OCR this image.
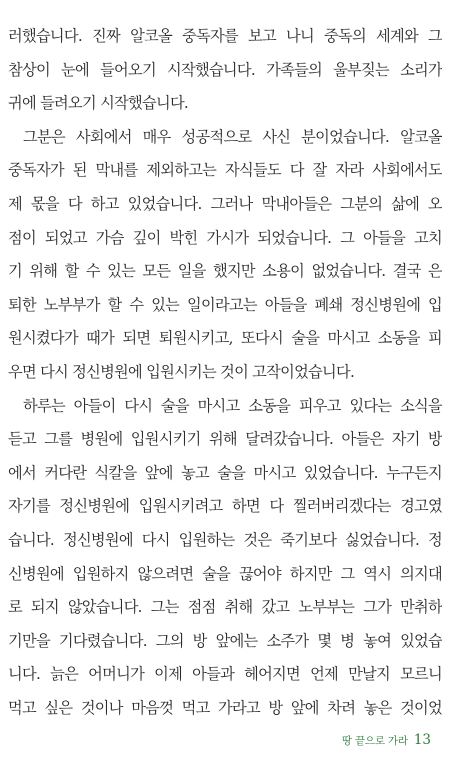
러했습니다. 진짜 알코올 중독자를 보고 나니 중독의 세계와 그
참상이 눈에 들어오기 시작했습니다. 가족들의 울부짖는 소리가
귀에 들려오기 시작했습니다.
그분은 사회에서 매우 성공적으로 사신 분이었습니다. 알코올
중독자가 된 막내를 제외하고는 자식들도 다 잘 자라 사회에서도
제 몫을 다 하고 있었습니다. 그러나 막내아들은 그분의 삶에 오
점이 되었고 가슴 깊이 박힌 가시가 되었습니다. 그 아들을 고치
기 위해 할 수 있는 모든 일을 했지만 소용이 없었습니다. 결국 은
퇴한 노부부가 할 수 있는 일이라고는 아들을 폐쇄 정신병원에 입
원시켰다가 때가 되면 퇴원시키고, 또다시 술을 마시고 소동을 피
우면 다시 정신병원에 입원시키는 것이 고작이었습니다.
하루는 아들이 다시 술을 마시고 소동을 피우고 있다는 소식을
듣고 그를 병원에 입원시키기 위해 달려갔습니다. 아들은 자기 방
에서 커다란 식칼을 앞에 놓고 술을 마시고 있었습니다. 누구든지
자기를 정신병원에 입원시키려고 하면 다 찔러버리겠다는 경고였
습니다. 정신병원에 다시 입원하는 것은 죽기보다 싫었습니다. 정
신병원에 입원하지 않으려면 술을 끊어야 하지만 그 역시 의지대
로 되지 않았습니다. 그는 점점 취해 갔고 노부부는 그가 만취하
기만을 기다렸습니다. 그의 방 앞에는 소주가 몇 병 놓여 있었습
니다. 늙은 어머니가 이제 아들과 헤어지면 언제 만날지 모르니
먹고 싶은 것이나 마음껏 먹고 가라고 방 앞에 차려 놓은 것이었
땅 끝으로 가라 13
